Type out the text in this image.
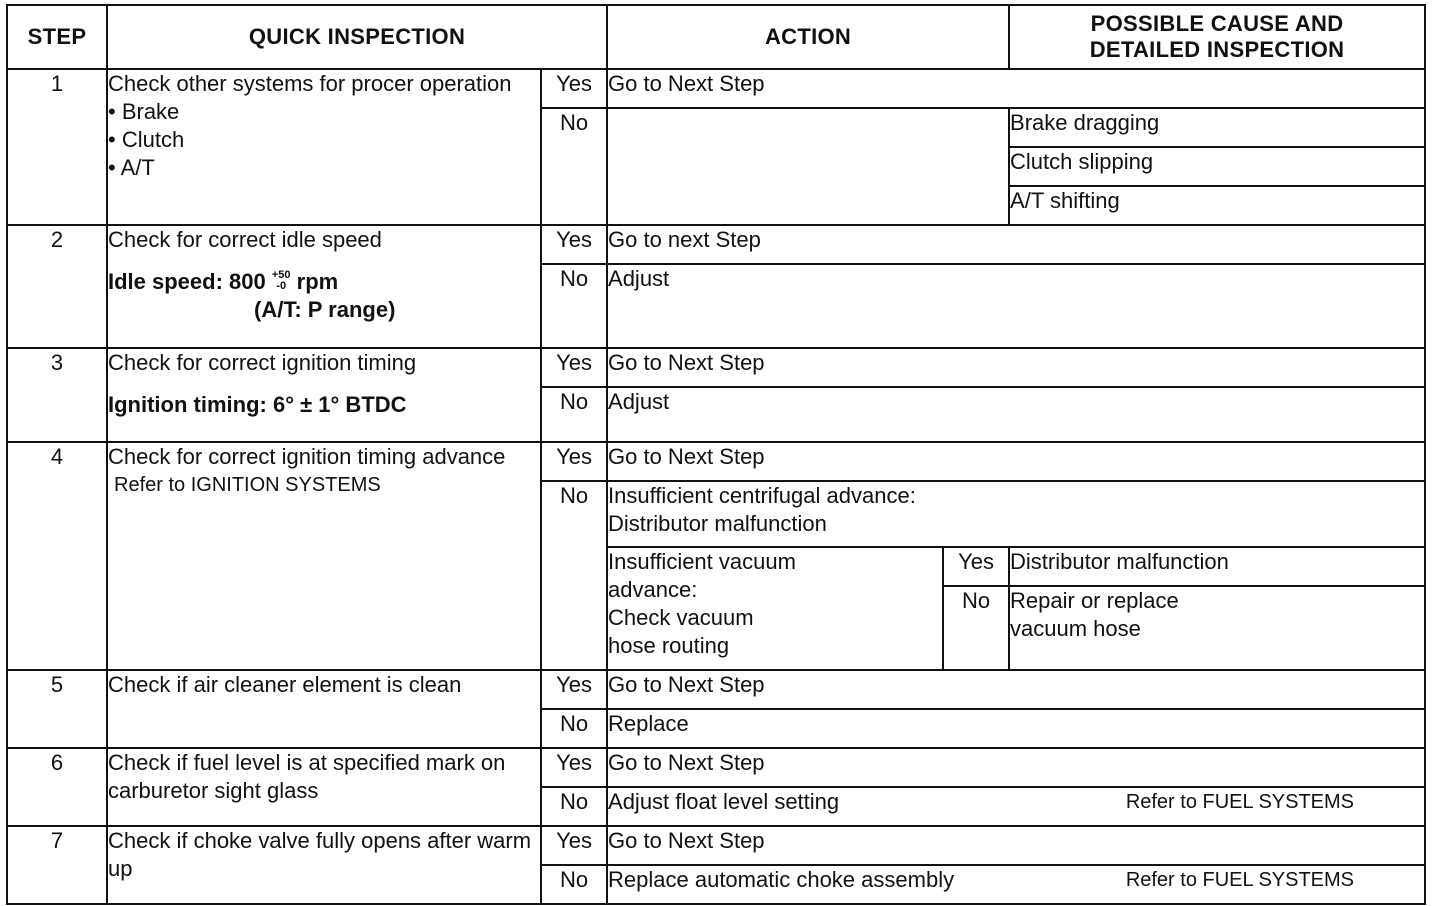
STEP	QUICK INSPECTION		ACTION		POSSIBLE CAUSE AND
DETAILED INSPECTION

1	Check other systems for procer operation
• Brake
• Clutch
• A/T	Yes	Go to Next Step		
		No			Brake dragging
					Clutch slipping
					A/T shifting
2	Check for correct idle speed
Idle speed: 800 $^{+50 -0}$ rpm
(A/T: P range)	Yes	Go to next Step		
		No	Adjust		
3	Check for correct ignition timing
Ignition timing: 6° ± 1° BTDC	Yes	Go to Next Step		
		No	Adjust		
4	Check for correct ignition timing advance
Refer to IGNITION SYSTEMS	Yes	Go to Next Step		
		No	Insufficient centrifugal advance:
Distributor malfunction		

			Insufficient vacuum
advance:
Check vacuum
hose routing	Yes	Distributor malfunction
				No	Repair or replace
vacuum hose

5	Check if air cleaner element is clean	Yes	Go to Next Step		
		No	Replace		
6	Check if fuel level is at specified mark on carburetor sight glass	Yes	Go to Next Step		
		No	Adjust float level setting Refer to FUEL SYSTEMS		

7	Check if choke valve fully opens after warm up	Yes	Go to Next Step		
		No	Replace automatic choke assembly Refer to FUEL SYSTEMS		
